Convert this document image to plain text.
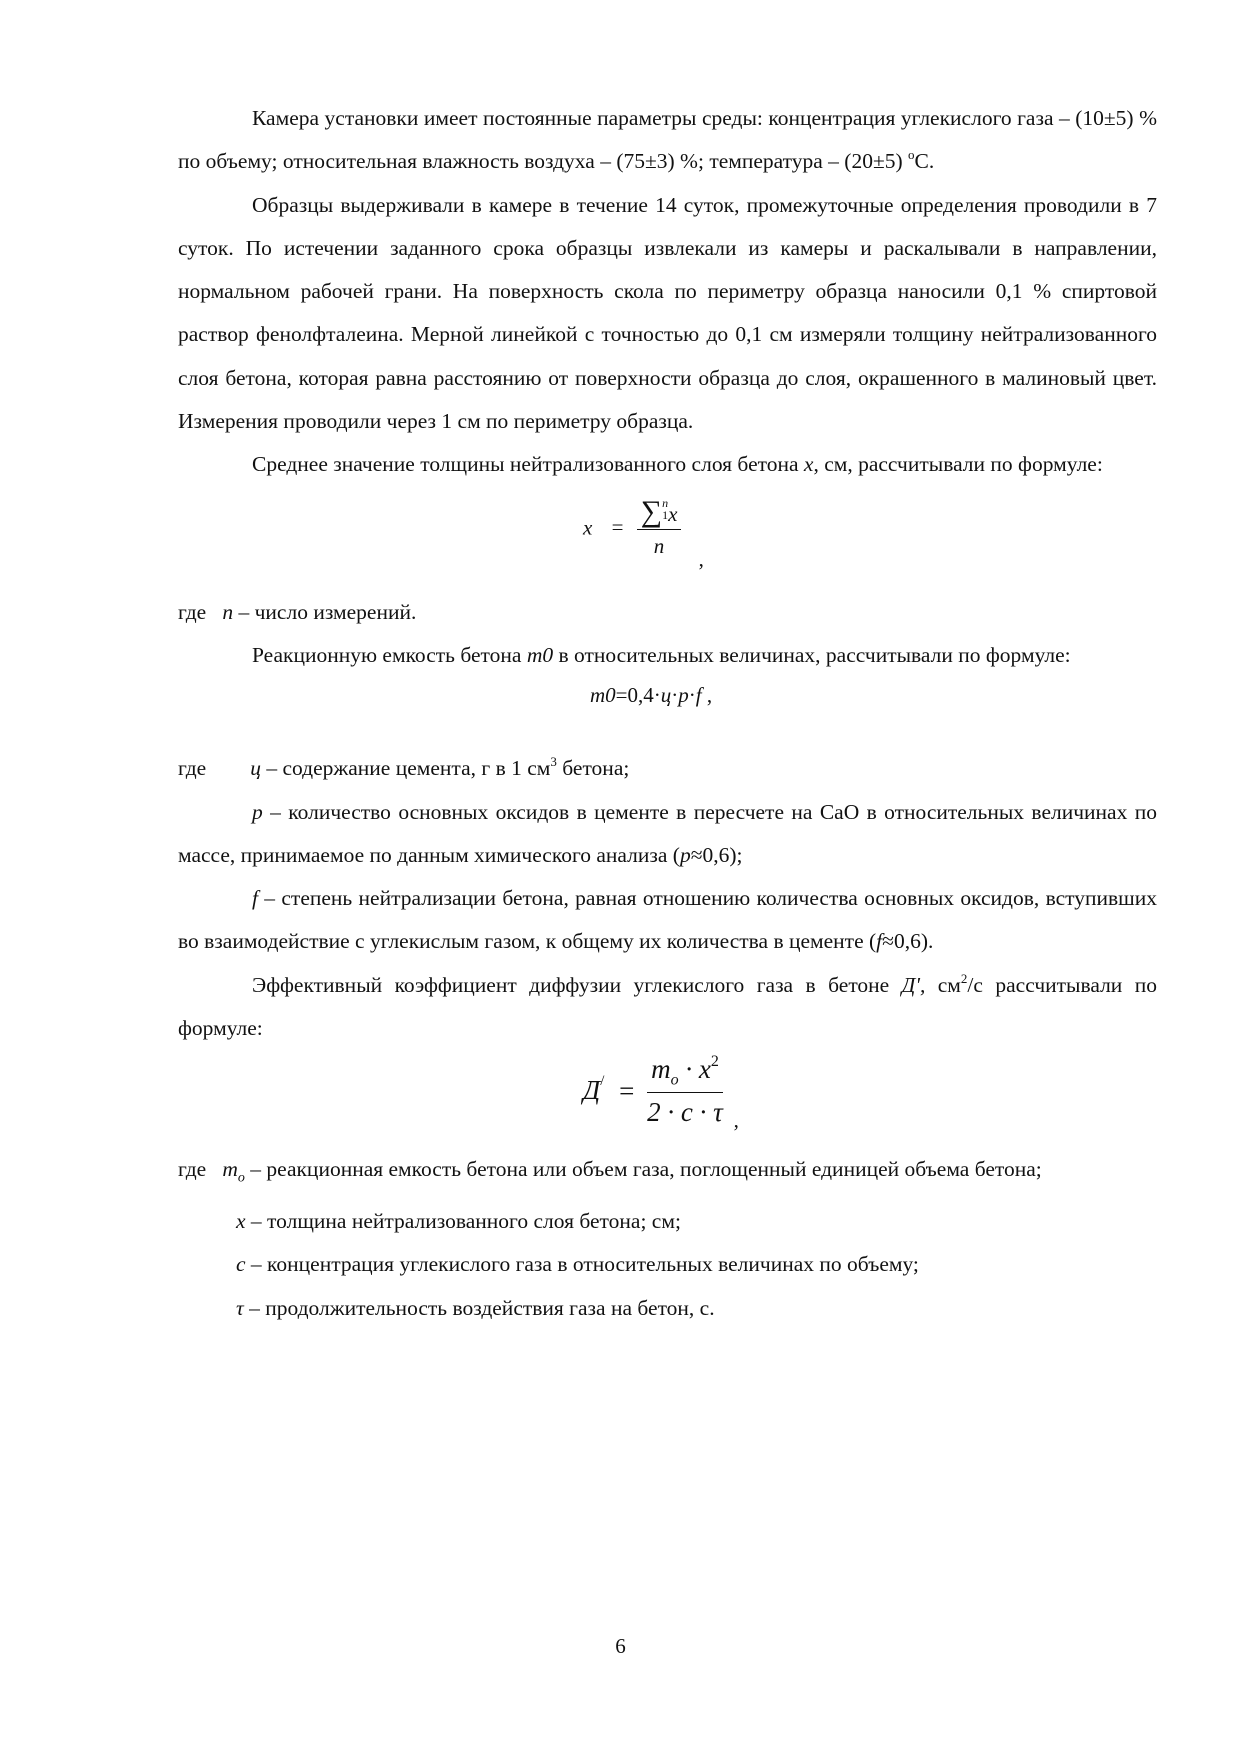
Камера установки имеет постоянные параметры среды: концентрация углекислого газа – (10±5) % по объему; относительная влажность воздуха – (75±3) %; температура – (20±5) $^o$С.

Образцы выдерживали в камере в течение 14 суток, промежуточные определения проводили в 7 суток. По истечении заданного срока образцы извлекали из камеры и раскалывали в направлении, нормальном рабочей грани. На поверхность скола по периметру образца наносили 0,1 % спиртовой раствор фенолфталеина. Мерной линейкой с точностью до 0,1 см измеряли толщину нейтрализованного слоя бетона, которая равна расстоянию от поверхности образца до слоя, окрашенного в малиновый цвет. Измерения проводили через 1 см по периметру образца.

Среднее значение толщины нейтрализованного слоя бетона x, см, рассчитывали по формуле:

x = ∑n
1x
n
,

где n – число измерений.

Реакционную емкость бетона m0 в относительных величинах, рассчитывали по формуле:

m0=0,4·ц·p·f ,

где ц – содержание цемента, г в 1 $см^3$ бетона;

p – количество основных оксидов в цементе в пересчете на СаО в относительных величинах по массе, принимаемое по данным химического анализа (p≈0,6);

f – степень нейтрализации бетона, равная отношению количества основных оксидов, вступивших во взаимодействие с углекислым газом, к общему их количества в цементе (f≈0,6).

Эффективный коэффициент диффузии углекислого газа в бетоне Д', $см^2/с$ рассчитывали по формуле:

$Д^/ = \frac{m_o \cdot x^2}{2 \cdot c \cdot \tau} _,$

где $m_o$ – реакционная емкость бетона или объем газа, поглощенный единицей объема бетона;

x – толщина нейтрализованного слоя бетона; см;

c – концентрация углекислого газа в относительных величинах по объему;

τ – продолжительность воздействия газа на бетон, с.

6
